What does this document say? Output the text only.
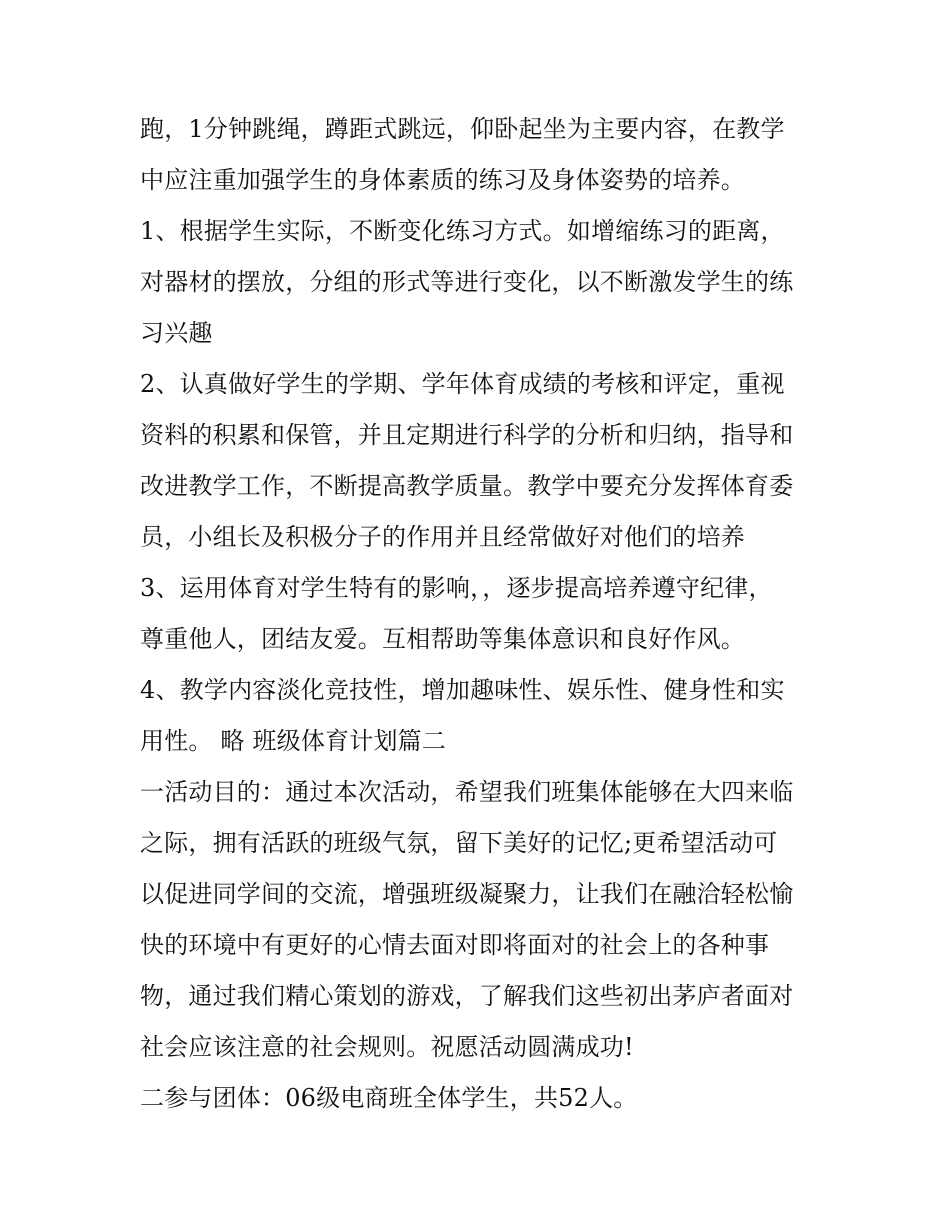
跑，1分钟跳绳，蹲距式跳远，仰卧起坐为主要内容，在教学
中应注重加强学生的身体素质的练习及身体姿势的培养。
1、根据学生实际，不断变化练习方式。如增缩练习的距离，
对器材的摆放，分组的形式等进行变化，以不断激发学生的练
习兴趣
2、认真做好学生的学期、学年体育成绩的考核和评定，重视
资料的积累和保管，并且定期进行科学的分析和归纳，指导和
改进教学工作，不断提高教学质量。教学中要充分发挥体育委
员，小组长及积极分子的作用并且经常做好对他们的培养
3、运用体育对学生特有的影响，，逐步提高培养遵守纪律，
尊重他人，团结友爱。互相帮助等集体意识和良好作风。
4、教学内容淡化竞技性，增加趣味性、娱乐性、健身性和实
用性。 略 班级体育计划篇二
一活动目的：通过本次活动，希望我们班集体能够在大四来临
之际，拥有活跃的班级气氛，留下美好的记忆;更希望活动可
以促进同学间的交流，增强班级凝聚力，让我们在融洽轻松愉
快的环境中有更好的心情去面对即将面对的社会上的各种事
物，通过我们精心策划的游戏，了解我们这些初出茅庐者面对
社会应该注意的社会规则。祝愿活动圆满成功!
二参与团体：06级电商班全体学生，共52人。
